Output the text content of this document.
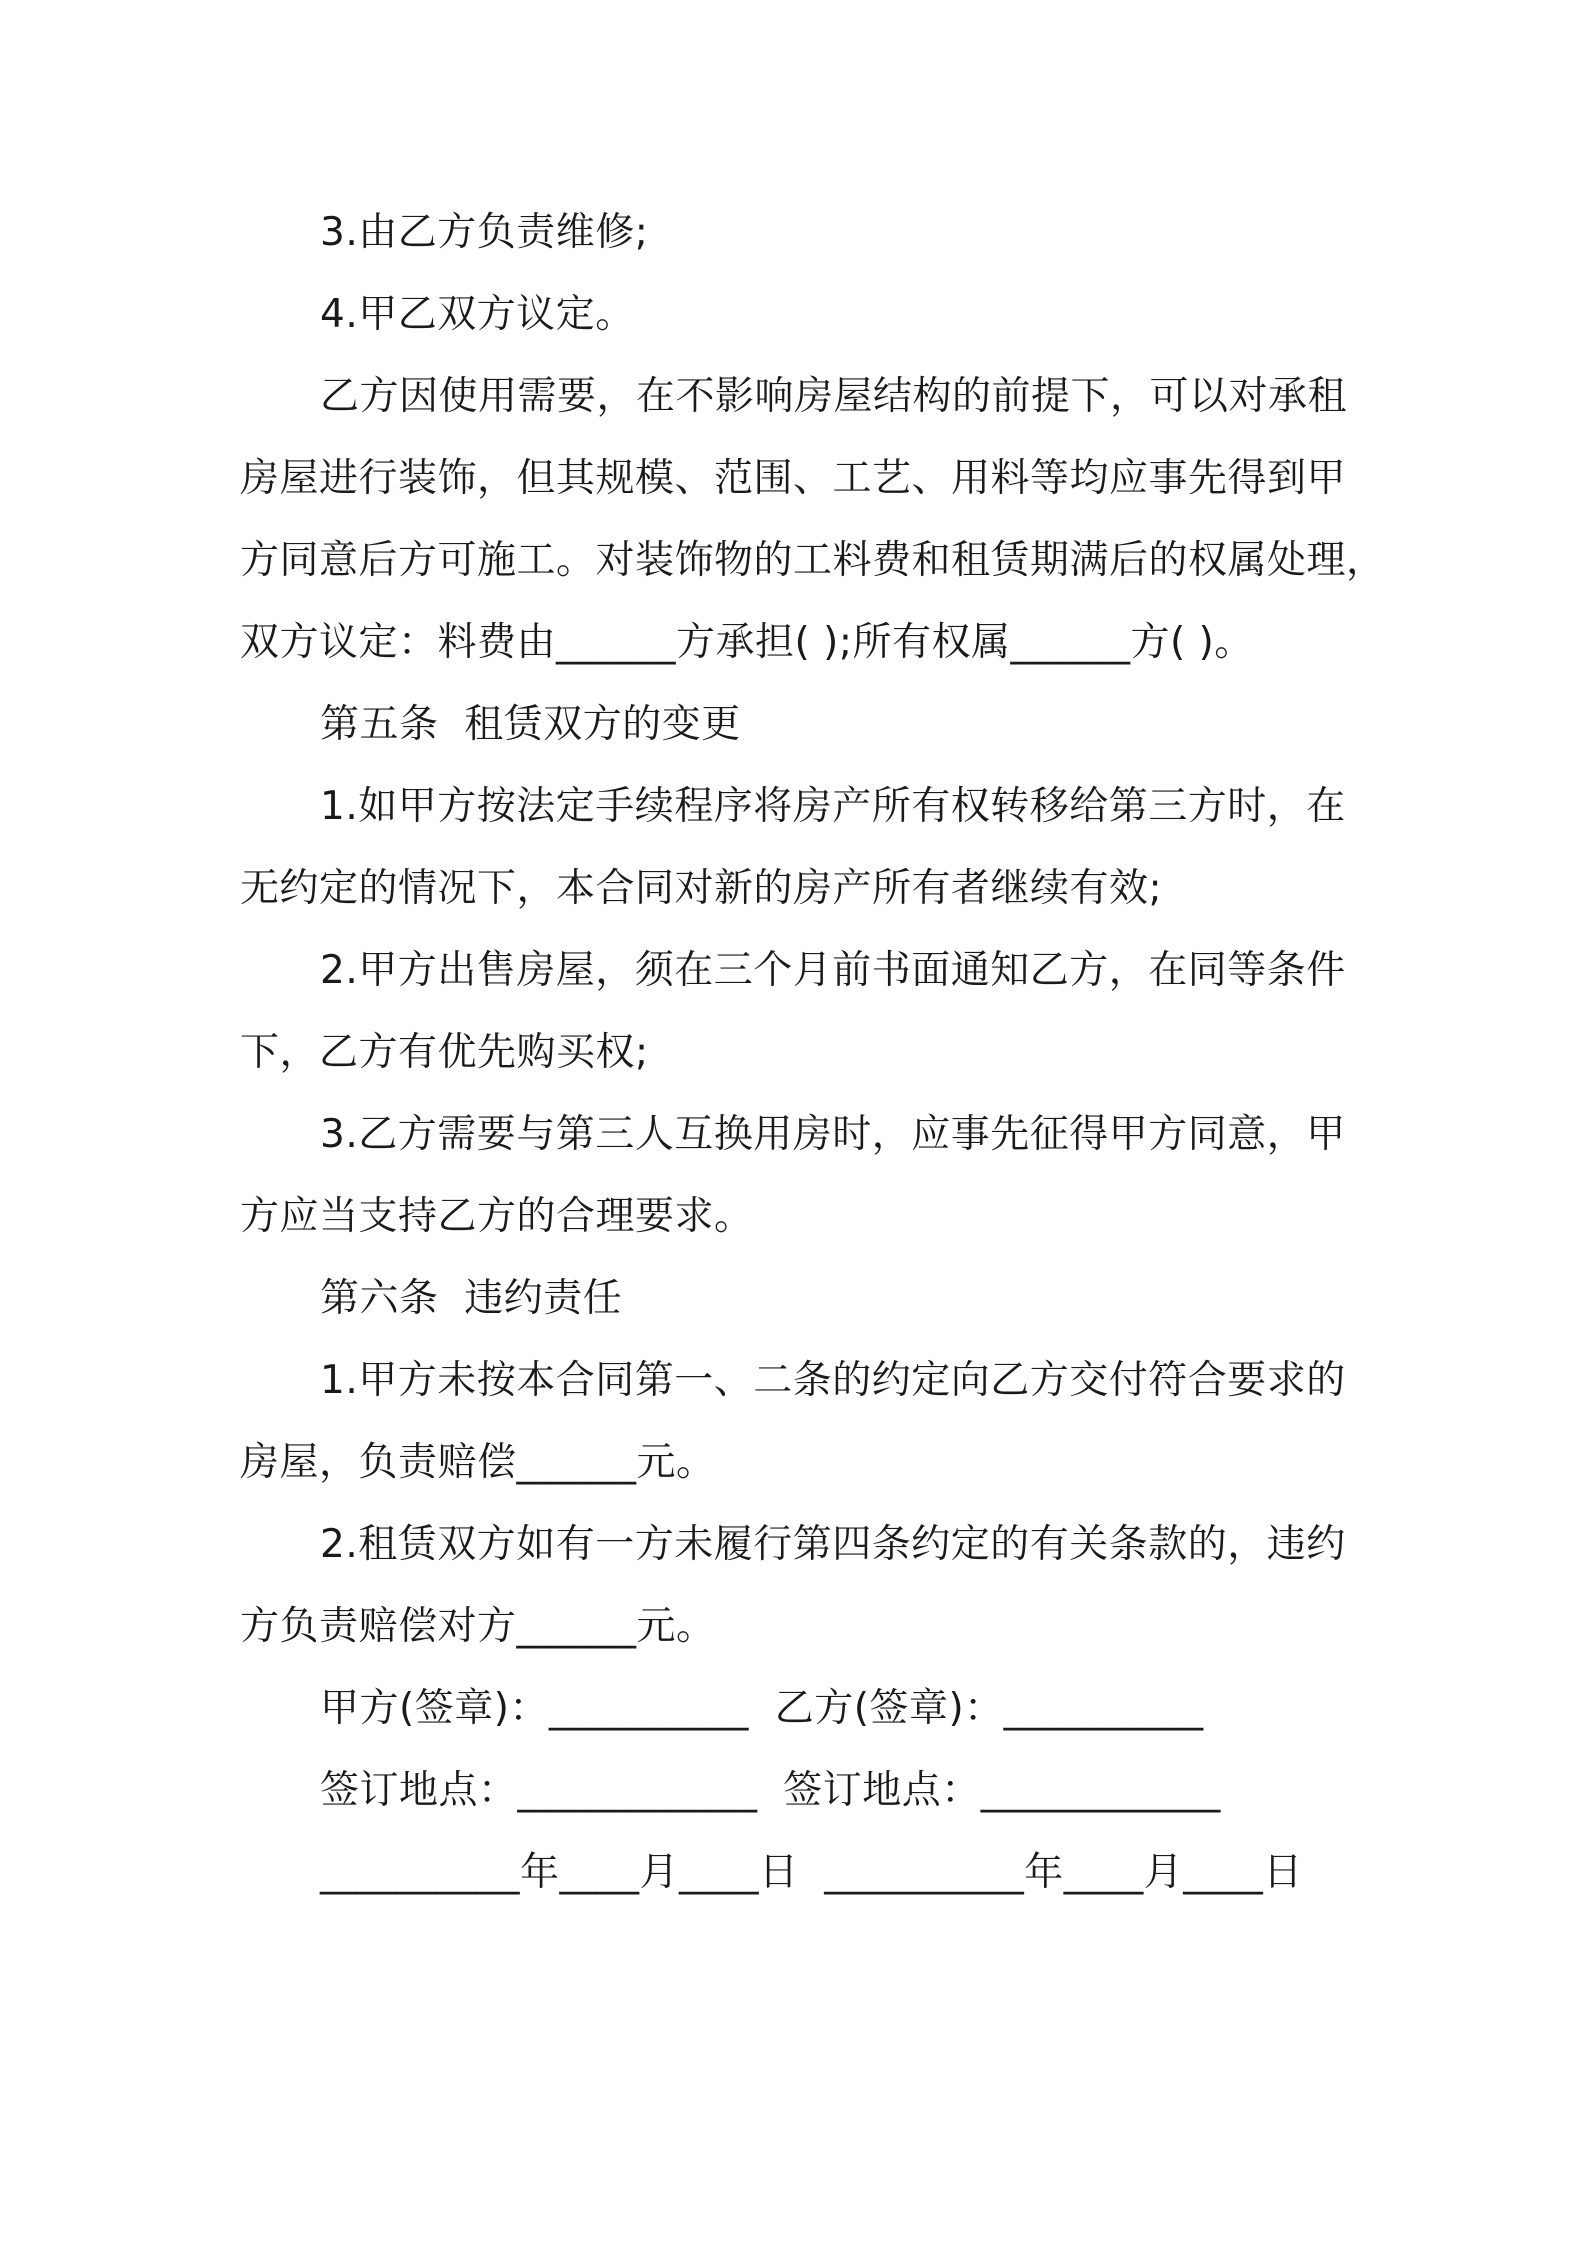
3.由乙方负责维修;
4.甲乙双方议定。
乙方因使用需要，在不影响房屋结构的前提下，可以对承租
房屋进行装饰，但其规模、范围、工艺、用料等均应事先得到甲
方同意后方可施工。对装饰物的工料费和租赁期满后的权属处理，
双方议定：料费由______方承担( );所有权属______方( )。
第五条  租赁双方的变更
1.如甲方按法定手续程序将房产所有权转移给第三方时，在
无约定的情况下，本合同对新的房产所有者继续有效;
2.甲方出售房屋，须在三个月前书面通知乙方，在同等条件
下，乙方有优先购买权;
3.乙方需要与第三人互换用房时，应事先征得甲方同意，甲
方应当支持乙方的合理要求。
第六条  违约责任
1.甲方未按本合同第一、二条的约定向乙方交付符合要求的
房屋，负责赔偿______元。
2.租赁双方如有一方未履行第四条约定的有关条款的，违约
方负责赔偿对方______元。
甲方(签章)：__________  乙方(签章)：__________
签订地点：____________  签订地点：____________
__________年____月____日  __________年____月____日
